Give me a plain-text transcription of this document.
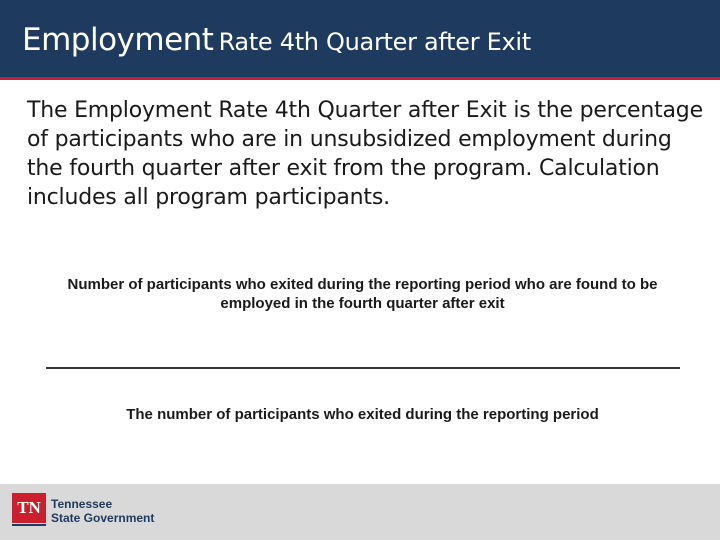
Employment Rate 4th Quarter after Exit

The Employment Rate 4th Quarter after Exit is the percentage of participants who are in unsubsidized employment during the fourth quarter after exit from the program. Calculation includes all program participants.

Number of participants who exited during the reporting period who are found to be employed in the fourth quarter after exit
The number of participants who exited during the reporting period
TN Tennessee
State Government
